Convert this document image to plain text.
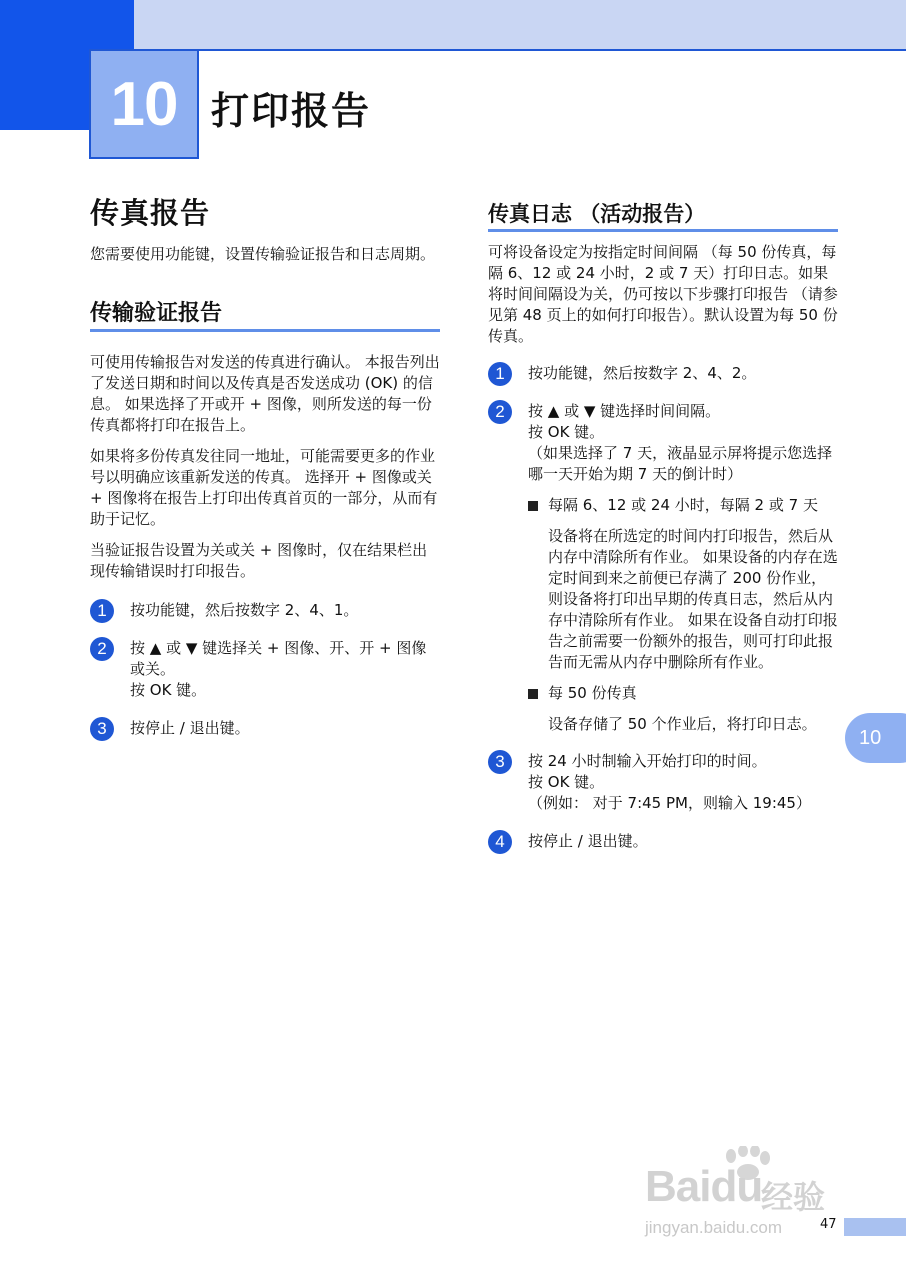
10 打印报告
传真报告

您需要使用功能键，设置传输验证报告和日志周期。

传输验证报告

可使用传输报告对发送的传真进行确认。 本报告列出了发送日期和时间以及传真是否发送成功 (OK) 的信息。 如果选择了开或开 + 图像，则所发送的每一份传真都将打印在报告上。

如果将多份传真发往同一地址，可能需要更多的作业号以明确应该重新发送的传真。 选择开 + 图像或关 + 图像将在报告上打印出传真首页的一部分，从而有助于记忆。

当验证报告设置为关或关 + 图像时，仅在结果栏出现传输错误时打印报告。

1	按功能键，然后按数字 2、4、1。

2	按 ▲ 或 ▼ 键选择关 + 图像、开、开 + 图像或关。

按 OK 键。

3	按停止 / 退出键。

传真日志 （活动报告）

可将设备设定为按指定时间间隔 （每 50 份传真，每隔 6、12 或 24 小时，2 或 7 天）打印日志。如果将时间间隔设为关，仍可按以下步骤打印报告 （请参见第 48 页上的如何打印报告）。默认设置为每 50 份传真。

1	按功能键，然后按数字 2、4、2。

2	按 ▲ 或 ▼ 键选择时间间隔。

按 OK 键。

（如果选择了 7 天，液晶显示屏将提示您选择哪一天开始为期 7 天的倒计时）

每隔 6、12 或 24 小时，每隔 2 或 7 天

设备将在所选定的时间内打印报告，然后从内存中清除所有作业。 如果设备的内存在选定时间到来之前便已存满了 200 份作业，则设备将打印出早期的传真日志，然后从内存中清除所有作业。 如果在设备自动打印报告之前需要一份额外的报告，则可打印此报告而无需从内存中删除所有作业。

每 50 份传真

设备存储了 50 个作业后，将打印日志。

3	按 24 小时制输入开始打印的时间。

按 OK 键。

（例如： 对于 7:45 PM，则输入 19:45）

4	按停止 / 退出键。

10
Baidu
经验
jingyan.baidu.com	47
